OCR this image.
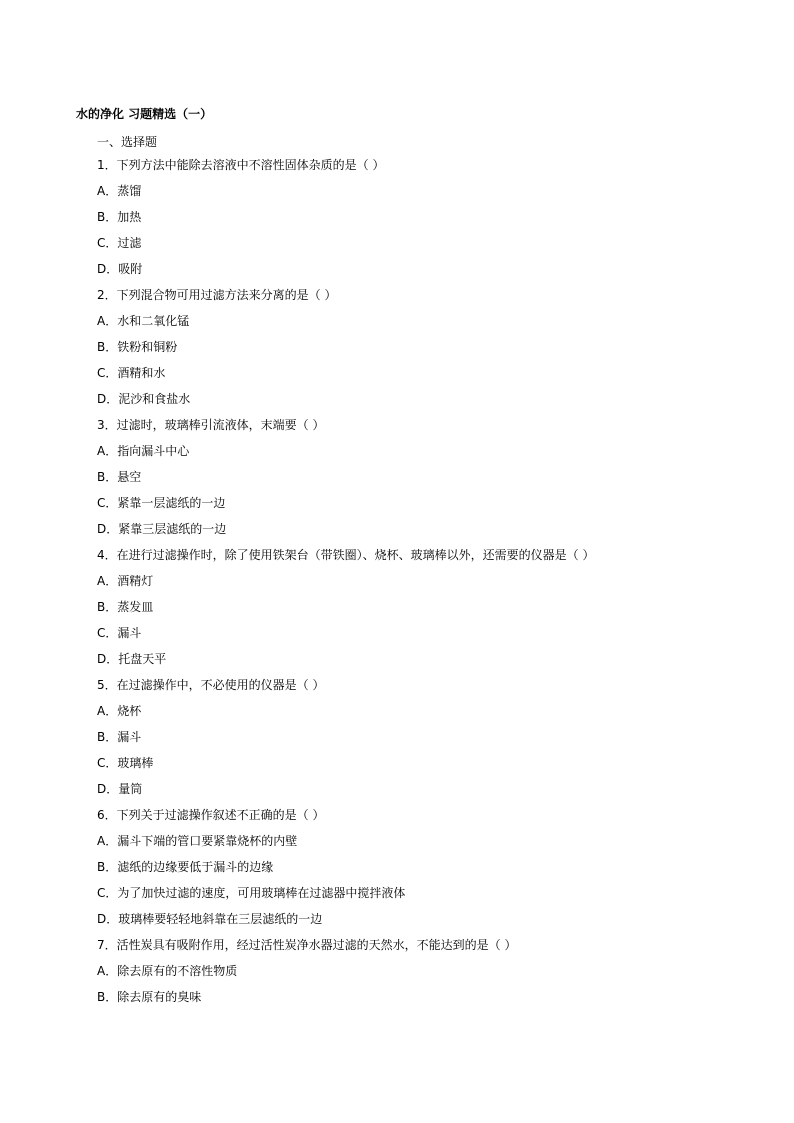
水的净化 习题精选（一）
一、选择题
1．下列方法中能除去溶液中不溶性固体杂质的是（ ）
A．蒸馏
B．加热
C．过滤
D．吸附
2．下列混合物可用过滤方法来分离的是（ ）
A．水和二氧化锰
B．铁粉和铜粉
C．酒精和水
D．泥沙和食盐水
3．过滤时，玻璃棒引流液体，末端要（ ）
A．指向漏斗中心
B．悬空
C．紧靠一层滤纸的一边
D．紧靠三层滤纸的一边
4．在进行过滤操作时，除了使用铁架台（带铁圈）、烧杯、玻璃棒以外，还需要的仪器是（ ）
A．酒精灯
B．蒸发皿
C．漏斗
D．托盘天平
5．在过滤操作中，不必使用的仪器是（ ）
A．烧杯
B．漏斗
C．玻璃棒
D．量筒
6．下列关于过滤操作叙述不正确的是（ ）
A．漏斗下端的管口要紧靠烧杯的内壁
B．滤纸的边缘要低于漏斗的边缘
C．为了加快过滤的速度，可用玻璃棒在过滤器中搅拌液体
D．玻璃棒要轻轻地斜靠在三层滤纸的一边
7．活性炭具有吸附作用，经过活性炭净水器过滤的天然水，不能达到的是（ ）
A．除去原有的不溶性物质
B．除去原有的臭味
